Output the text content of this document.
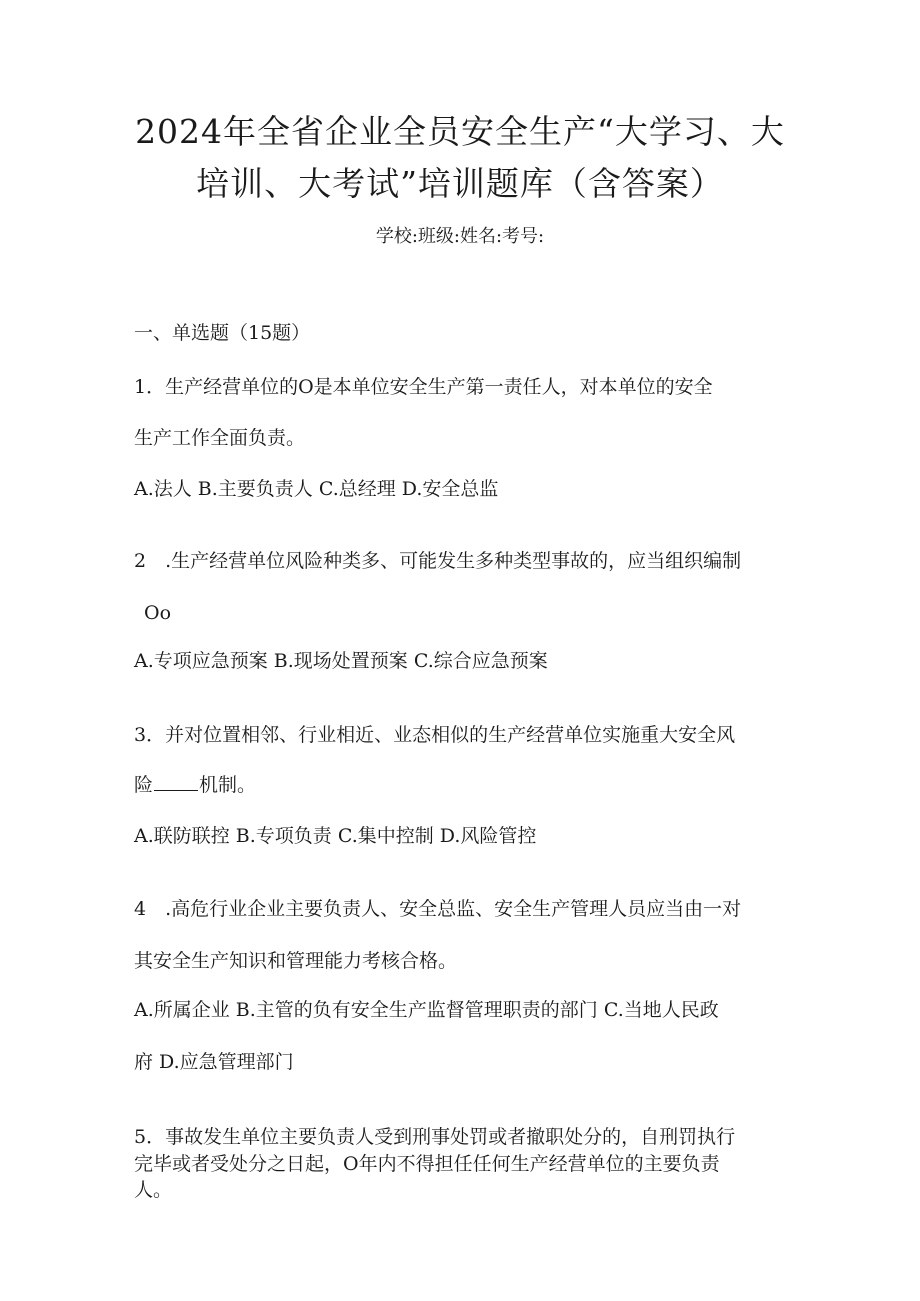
2024年全省企业全员安全生产“大学习、大
培训、大考试”培训题库（含答案）
学校:班级:姓名:考号:
一、单选题（15题）
1．生产经营单位的O是本单位安全生产第一责任人，对本单位的安全
生产工作全面负责。
A.法人 B.主要负责人 C.总经理 D.安全总监
2　.生产经营单位风险种类多、可能发生多种类型事故的，应当组织编制
Oo
A.专项应急预案 B.现场处置预案 C.综合应急预案
3．并对位置相邻、行业相近、业态相似的生产经营单位实施重大安全风
险 机制。
A.联防联控 B.专项负责 C.集中控制 D.风险管控
4　.高危行业企业主要负责人、安全总监、安全生产管理人员应当由一对
其安全生产知识和管理能力考核合格。
A.所属企业 B.主管的负有安全生产监督管理职责的部门 C.当地人民政
府 D.应急管理部门
5．事故发生单位主要负责人受到刑事处罚或者撤职处分的，自刑罚执行
完毕或者受处分之日起，O年内不得担任任何生产经营单位的主要负责
人。
